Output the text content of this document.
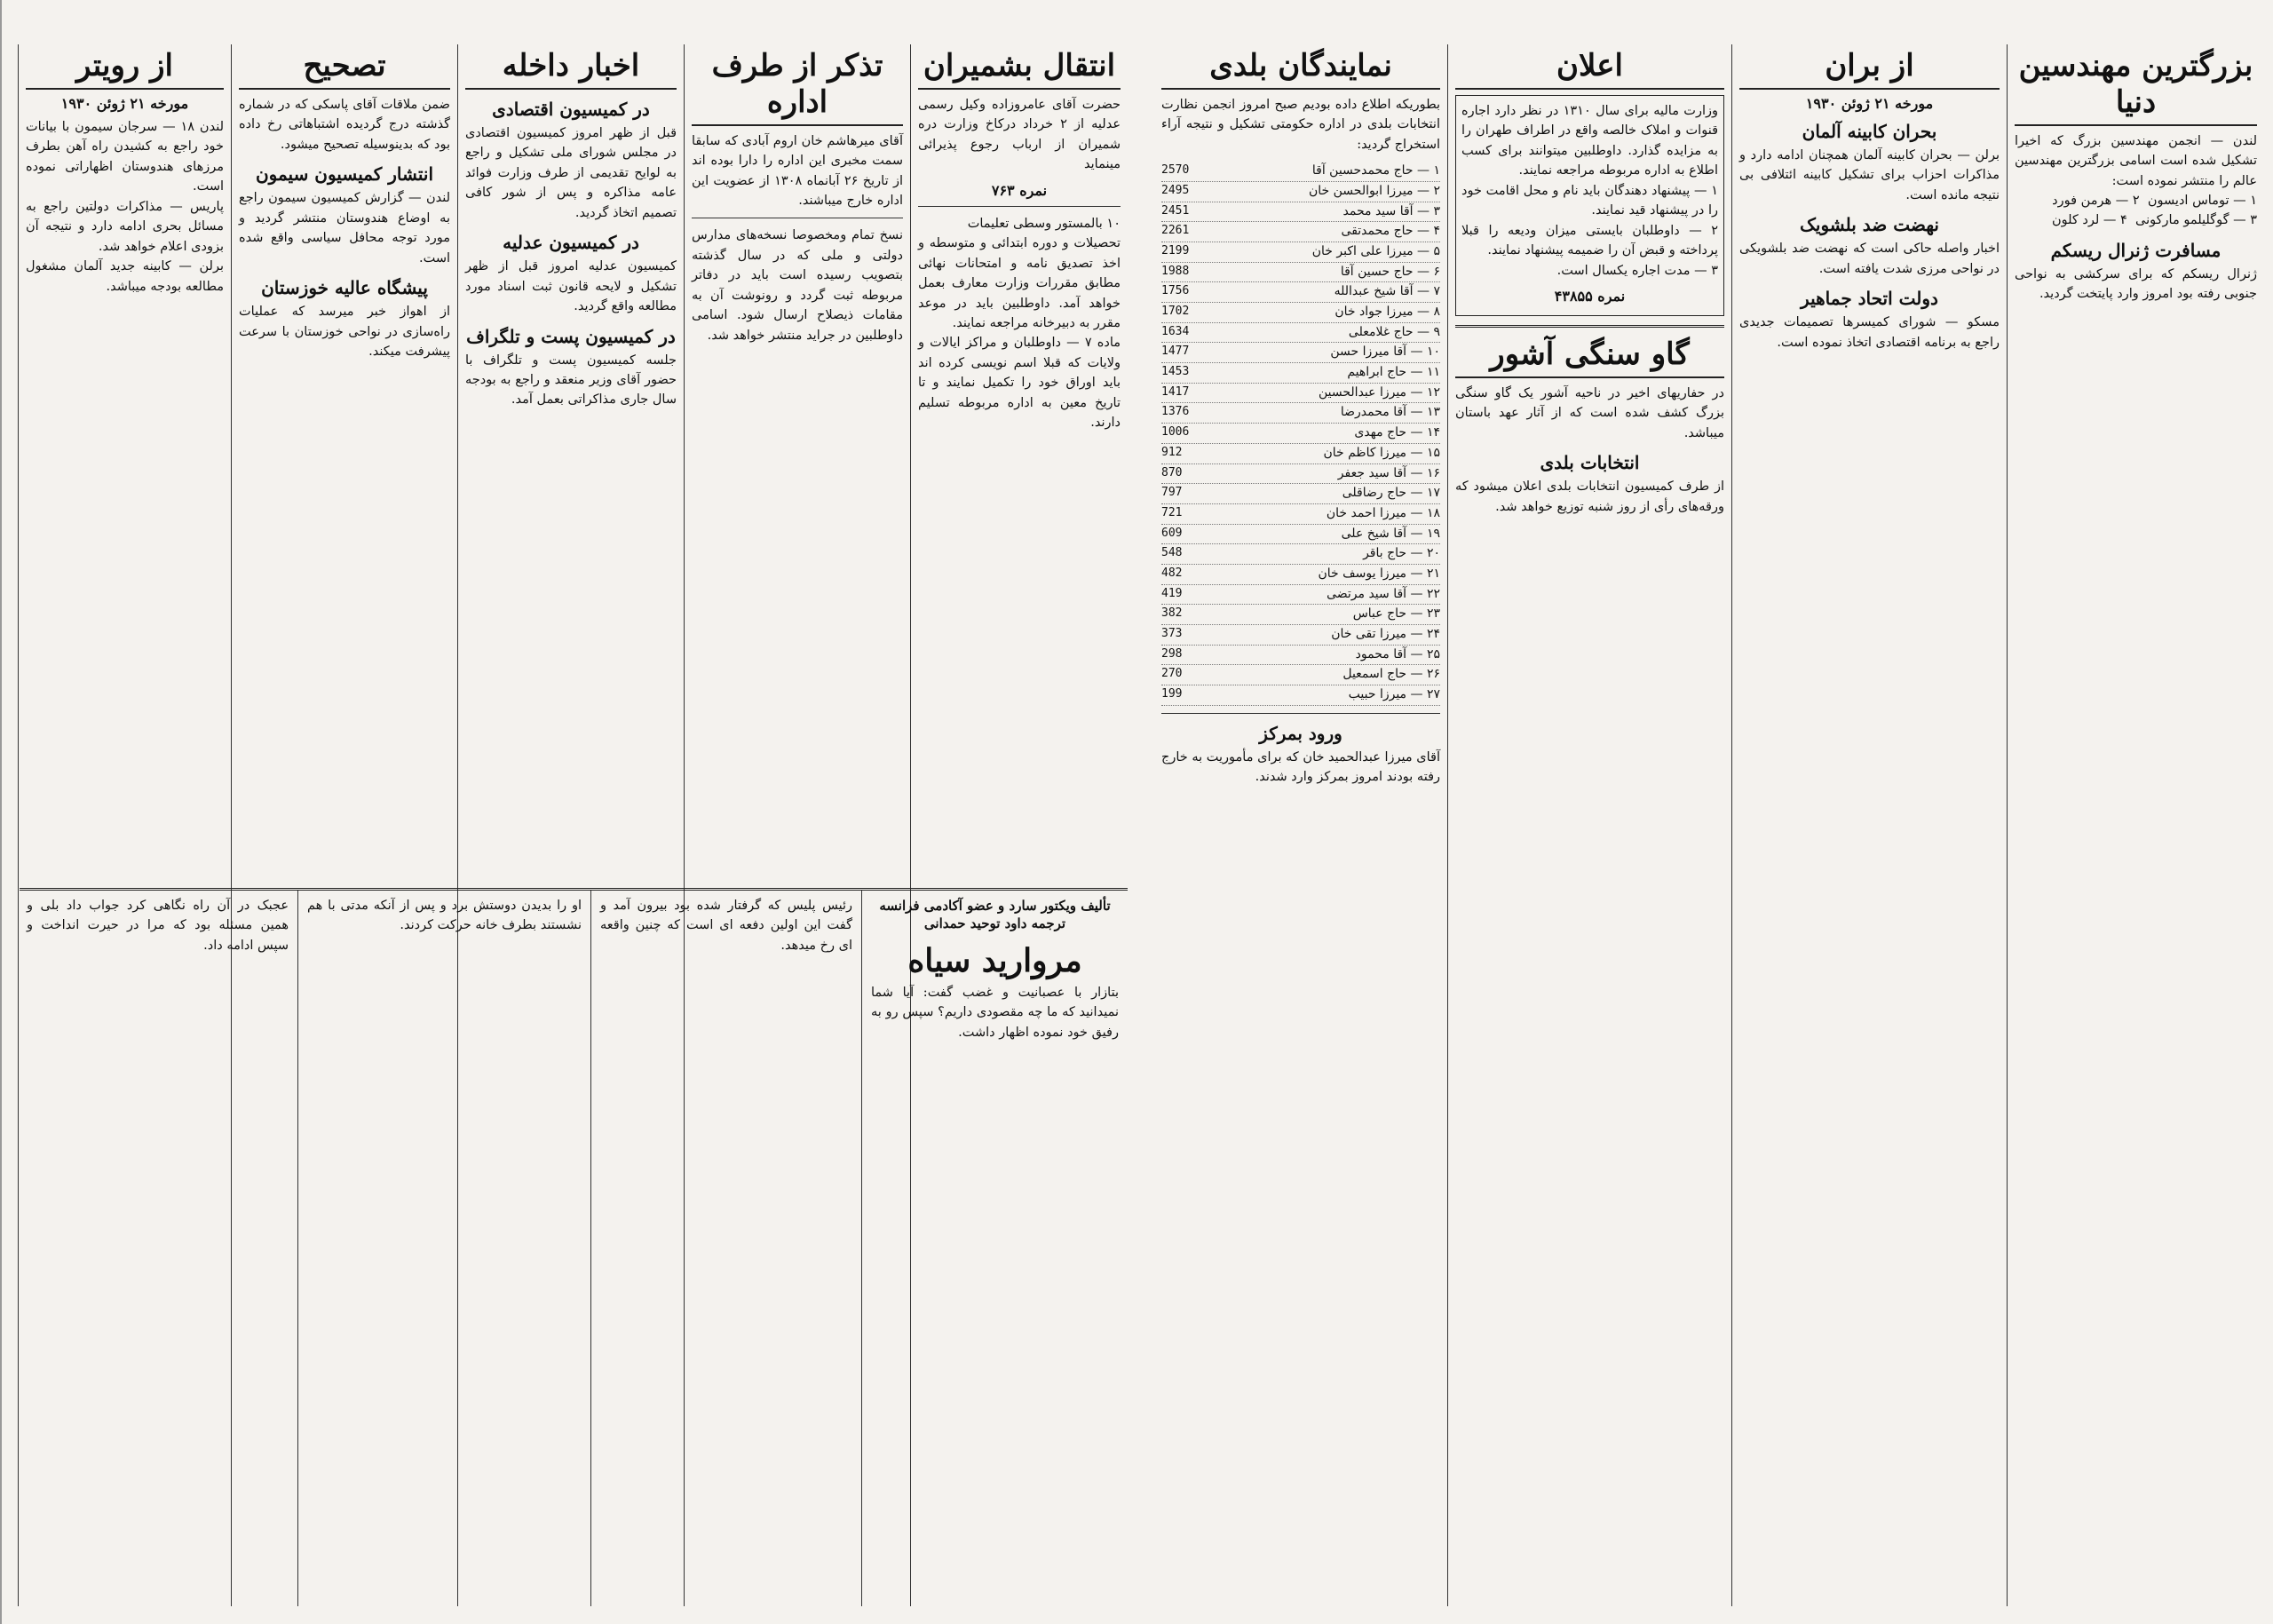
انتقال بشمیران

حضرت آقای عامروزاده وکیل رسمی عدلیه از ۲ خرداد درکاخ وزارت دره شمیران از ارباب رجوع پذیرائی مینماید

نمره ۷۶۳

۱۰ بالمستور وسطی تعلیمات
تحصیلات و دوره ابتدائی و متوسطه و اخذ تصدیق نامه و امتحانات نهائی مطابق مقررات وزارت معارف بعمل خواهد آمد. داوطلبین باید در موعد مقرر به دبیرخانه مراجعه نمایند.
ماده ۷ — داوطلبان و مراکز ایالات و ولایات که قبلا اسم نویسی کرده اند باید اوراق خود را تکمیل نمایند و تا تاریخ معین به اداره مربوطه تسلیم دارند.

تذکر از طرف اداره

آقای میرهاشم خان اروم آبادی که سابقا سمت مخبری این اداره را دارا بوده اند از تاریخ ۲۶ آبانماه ۱۳۰۸ از عضویت این اداره خارج میباشند.

نسخ تمام ومخصوصا نسخه‌های مدارس دولتی و ملی که در سال گذشته بتصویب رسیده است باید در دفاتر مربوطه ثبت گردد و رونوشت آن به مقامات ذیصلاح ارسال شود. اسامی داوطلبین در جراید منتشر خواهد شد.

اخبار داخله
در کمیسیون اقتصادی

قبل از ظهر امروز کمیسیون اقتصادی در مجلس شورای ملی تشکیل و راجع به لوایح تقدیمی از طرف وزارت فوائد عامه مذاکره و پس از شور کافی تصمیم اتخاذ گردید.

در کمیسیون عدلیه

کمیسیون عدلیه امروز قبل از ظهر تشکیل و لایحه قانون ثبت اسناد مورد مطالعه واقع گردید.

در کمیسیون پست و تلگراف

جلسه کمیسیون پست و تلگراف با حضور آقای وزیر منعقد و راجع به بودجه سال جاری مذاکراتی بعمل آمد.

تصحیح

ضمن ملاقات آقای پاسکی که در شماره گذشته درج گردیده اشتباهاتی رخ داده بود که بدینوسیله تصحیح میشود.

انتشار کمیسیون سیمون

لندن — گزارش کمیسیون سیمون راجع به اوضاع هندوستان منتشر گردید و مورد توجه محافل سیاسی واقع شده است.

پیشگاه عالیه خوزستان

از اهواز خبر میرسد که عملیات راه‌سازی در نواحی خوزستان با سرعت پیشرفت میکند.

از رویتر
مورخه ۲۱ ژوئن ۱۹۳۰

لندن ۱۸ — سرجان سیمون با بیانات خود راجع به کشیدن راه آهن بطرف مرزهای هندوستان اظهاراتی نموده است.
پاریس — مذاکرات دولتین راجع به مسائل بحری ادامه دارد و نتیجه آن بزودی اعلام خواهد شد.
برلن — کابینه جدید آلمان مشغول مطالعه بودجه میباشد.

تألیف ویکتور سارد و عضو آکادمی فرانسه
ترجمه داود توحید حمدانی
مروارید سیاه

بتازار با عصبانیت و غضب گفت: آیا شما نمیدانید که ما چه مقصودی داریم؟ سپس رو به رفیق خود نموده اظهار داشت.

رئیس پلیس که گرفتار شده بود بیرون آمد و گفت این اولین دفعه ای است که چنین واقعه ای رخ میدهد.

او را بدیدن دوستش برد و پس از آنکه مدتی با هم نشستند بطرف خانه حرکت کردند.

عجبک در آن راه نگاهی کرد جواب داد بلی و همین مسئله بود که مرا در حیرت انداخت و سپس ادامه داد.

بزرگترین مهندسین دنیا

لندن — انجمن مهندسین بزرگ که اخیرا تشکیل شده است اسامی بزرگترین مهندسین عالم را منتشر نموده است:
۱ — توماس ادیسون  ۲ — هرمن فورد
۳ — گوگلیلمو مارکونی  ۴ — لرد کلون

مسافرت ژنرال ریسکم

ژنرال ریسکم که برای سرکشی به نواحی جنوبی رفته بود امروز وارد پایتخت گردید.

از بران
مورخه ۲۱ ژوئن ۱۹۳۰
بحران کابینه آلمان

برلن — بحران کابینه آلمان همچنان ادامه دارد و مذاکرات احزاب برای تشکیل کابینه ائتلافی بی نتیجه مانده است.

نهضت ضد بلشویک

اخبار واصله حاکی است که نهضت ضد بلشویکی در نواحی مرزی شدت یافته است.

دولت اتحاد جماهیر

مسکو — شورای کمیسرها تصمیمات جدیدی راجع به برنامه اقتصادی اتخاذ نموده است.

اعلان

وزارت مالیه برای سال ۱۳۱۰ در نظر دارد اجاره قنوات و املاک خالصه واقع در اطراف طهران را به مزایده گذارد. داوطلبین میتوانند برای کسب اطلاع به اداره مربوطه مراجعه نمایند.
۱ — پیشنهاد دهندگان باید نام و محل اقامت خود را در پیشنهاد قید نمایند.
۲ — داوطلبان بایستی میزان ودیعه را قبلا پرداخته و قبض آن را ضمیمه پیشنهاد نمایند.
۳ — مدت اجاره یکسال است.

نمره ۴۳۸۵۵
گاو سنگی آشور

در حفاریهای اخیر در ناحیه آشور یک گاو سنگی بزرگ کشف شده است که از آثار عهد باستان میباشد.

انتخابات بلدی

از طرف کمیسیون انتخابات بلدی اعلان میشود که ورقه‌های رأی از روز شنبه توزیع خواهد شد.

نمایندگان بلدی

بطوریکه اطلاع داده بودیم صبح امروز انجمن نظارت انتخابات بلدی در اداره حکومتی تشکیل و نتیجه آراء استخراج گردید:

۱ — حاج محمدحسین آقا
2570
۲ — میرزا ابوالحسن خان
2495
۳ — آقا سید محمد
2451
۴ — حاج محمدتقی
2261
۵ — میرزا علی اکبر خان
2199
۶ — حاج حسین آقا
1988
۷ — آقا شیخ عبدالله
1756
۸ — میرزا جواد خان
1702
۹ — حاج غلامعلی
1634
۱۰ — آقا میرزا حسن
1477
۱۱ — حاج ابراهیم
1453
۱۲ — میرزا عبدالحسین
1417
۱۳ — آقا محمدرضا
1376
۱۴ — حاج مهدی
1006
۱۵ — میرزا کاظم خان
912
۱۶ — آقا سید جعفر
870
۱۷ — حاج رضاقلی
797
۱۸ — میرزا احمد خان
721
۱۹ — آقا شیخ علی
609
۲۰ — حاج باقر
548
۲۱ — میرزا یوسف خان
482
۲۲ — آقا سید مرتضی
419
۲۳ — حاج عباس
382
۲۴ — میرزا تقی خان
373
۲۵ — آقا محمود
298
۲۶ — حاج اسمعیل
270
۲۷ — میرزا حبیب
199
ورود بمرکز

آقای میرزا عبدالحمید خان که برای مأموریت به خارج رفته بودند امروز بمرکز وارد شدند.
